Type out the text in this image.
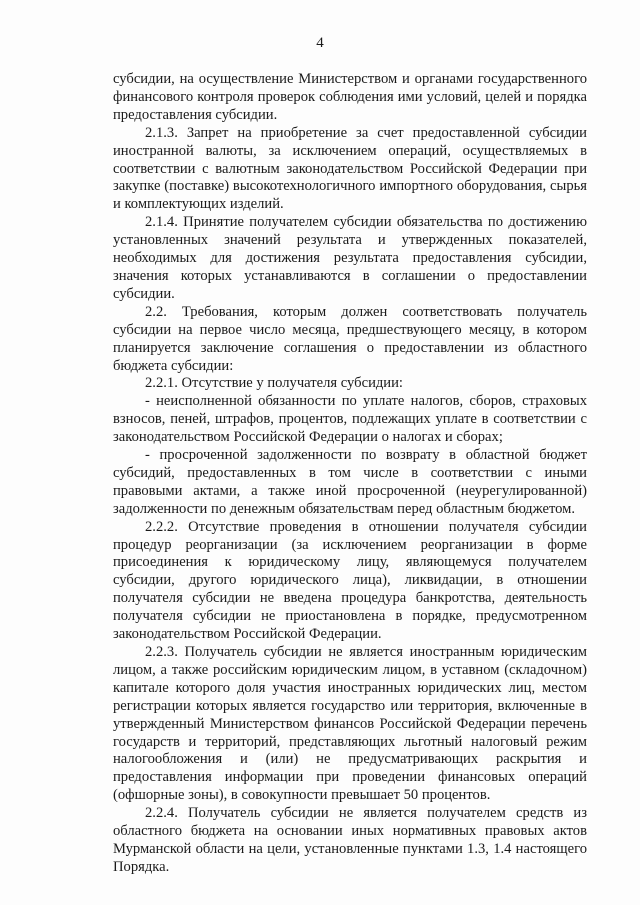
4

субсидии, на осуществление Министерством и органами государственного финансового контроля проверок соблюдения ими условий, целей и порядка предоставления субсидии.

2.1.3. Запрет на приобретение за счет предоставленной субсидии иностранной валюты, за исключением операций, осуществляемых в соответствии с валютным законодательством Российской Федерации при закупке (поставке) высокотехнологичного импортного оборудования, сырья и комплектующих изделий.

2.1.4. Принятие получателем субсидии обязательства по достижению установленных значений результата и утвержденных показателей, необходимых для достижения результата предоставления субсидии, значения которых устанавливаются в соглашении о предоставлении субсидии.

2.2. Требования, которым должен соответствовать получатель субсидии на первое число месяца, предшествующего месяцу, в котором планируется заключение соглашения о предоставлении из областного бюджета субсидии:

2.2.1. Отсутствие у получателя субсидии:

- неисполненной обязанности по уплате налогов, сборов, страховых взносов, пеней, штрафов, процентов, подлежащих уплате в соответствии с законодательством Российской Федерации о налогах и сборах;

- просроченной задолженности по возврату в областной бюджет субсидий, предоставленных в том числе в соответствии с иными правовыми актами, а также иной просроченной (неурегулированной) задолженности по денежным обязательствам перед областным бюджетом.

2.2.2. Отсутствие проведения в отношении получателя субсидии процедур реорганизации (за исключением реорганизации в форме присоединения к юридическому лицу, являющемуся получателем субсидии, другого юридического лица), ликвидации, в отношении получателя субсидии не введена процедура банкротства, деятельность получателя субсидии не приостановлена в порядке, предусмотренном законодательством Российской Федерации.

2.2.3. Получатель субсидии не является иностранным юридическим лицом, а также российским юридическим лицом, в уставном (складочном) капитале которого доля участия иностранных юридических лиц, местом регистрации которых является государство или территория, включенные в утвержденный Министерством финансов Российской Федерации перечень государств и территорий, представляющих льготный налоговый режим налогообложения и (или) не предусматривающих раскрытия и предоставления информации при проведении финансовых операций (офшорные зоны), в совокупности превышает 50 процентов.

2.2.4. Получатель субсидии не является получателем средств из областного бюджета на основании иных нормативных правовых актов Мурманской области на цели, установленные пунктами 1.3, 1.4 настоящего Порядка.
